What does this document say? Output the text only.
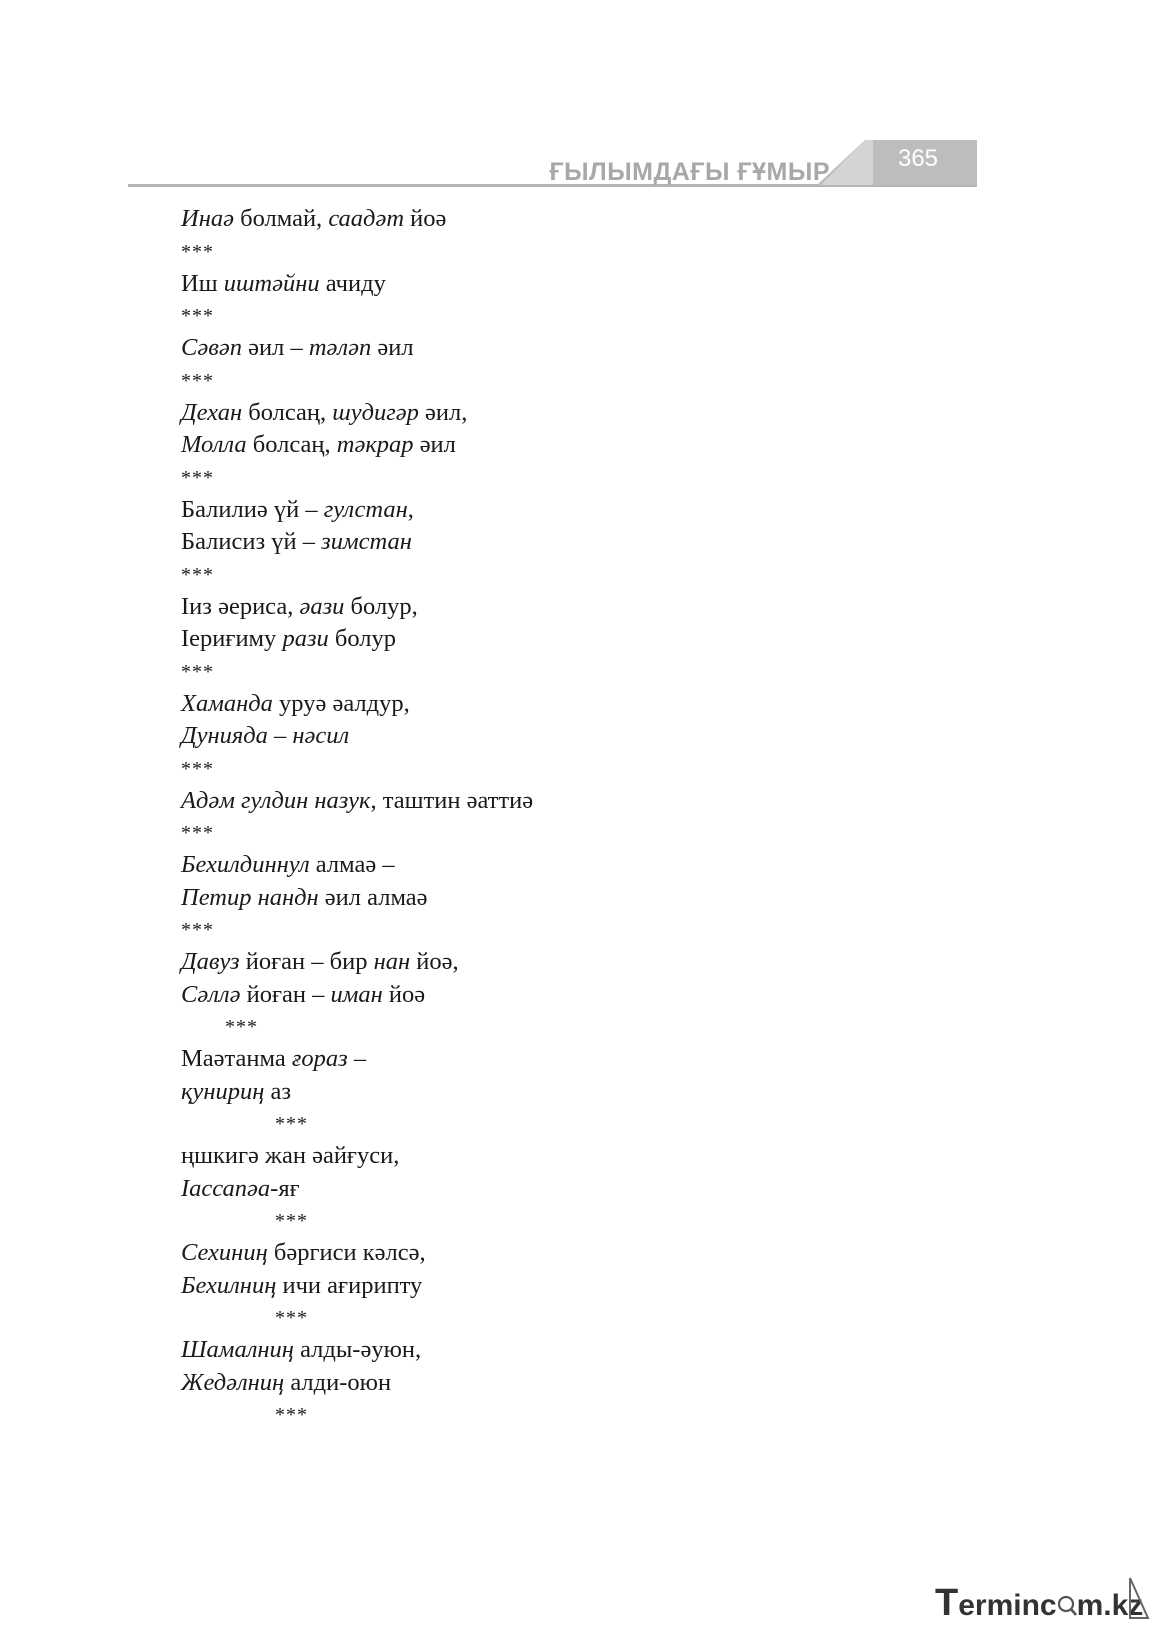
ҒЫЛЫМДАҒЫ ҒҰМЫР	365
Инаә болмай, саадәт йоә
***
Иш иштәйни ачиду
***
Сәвәп әил – тәләп әил
***
Дехан болсаң, шудигәр әил,
Молла болсаң, тәкрар әил
***
Балилиә үй – гулстан,
Балисиз үй – зимстан
***
Іиз әериса, әази болур,
Іериғиму рази болур
***
Хаманда уруә әалдур,
Дунияда – нәсил
***
Адәм гулдин назук, таштин әаттиә
***
Бехилдиннул алмаә –
Петир нандн әил алмаә
***
Давуз йоған – бир нан йоә,
Сәллә йоған – иман йоә
***
Маәтанма ғораз –
қунириң аз
***
ңшкигә жан әайғуси,
Іассапәа-яғ
***
Сехиниң бәргиси кәлсә,
Бехилниң ичи ағирипту
***
Шамалниң алды-әуюн,
Жедәлниң алди-оюн
***
Terminc m.kz
